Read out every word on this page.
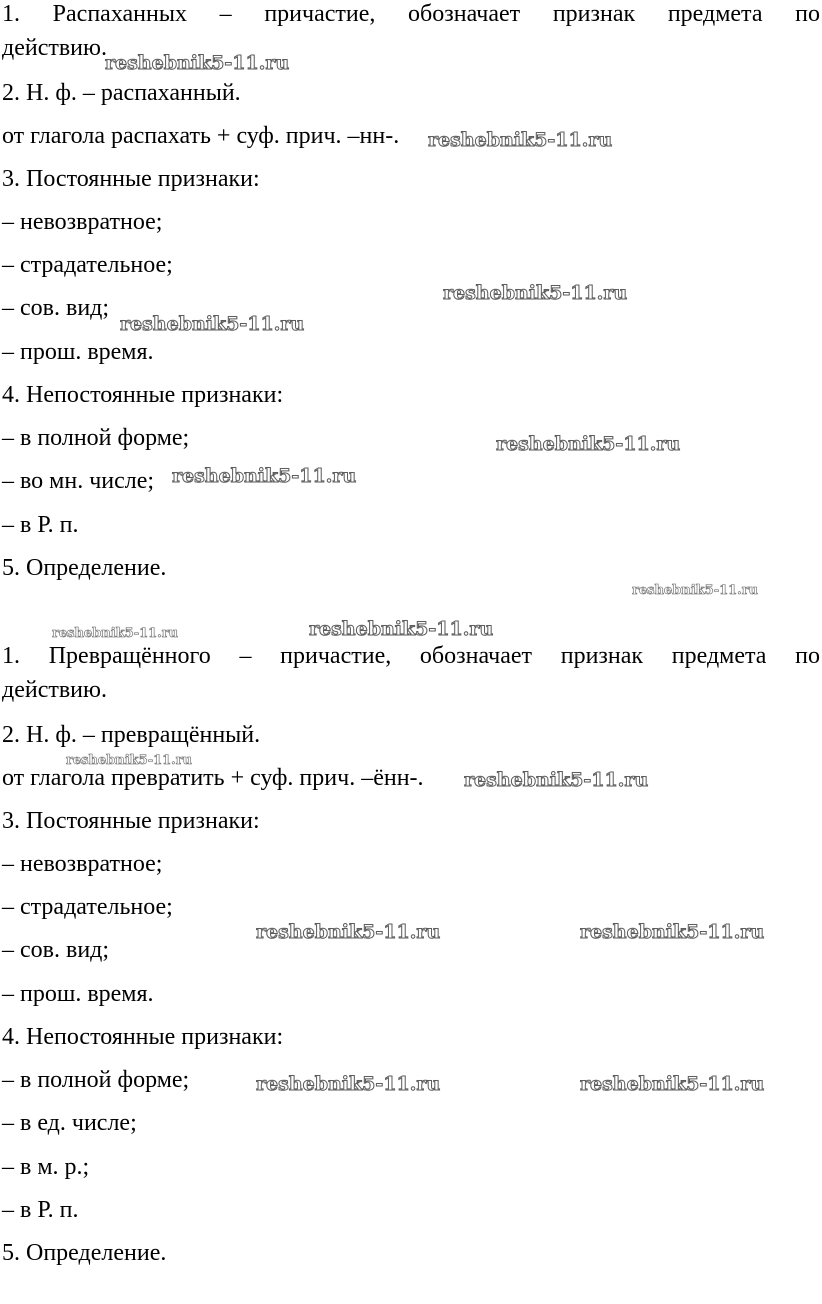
1. Распаханных – причастие, обозначает признак предмета по
действию.
2. Н. ф. – распаханный.
от глагола распахать + суф. прич. –нн-.
3. Постоянные признаки:
– невозвратное;
– страдательное;
– сов. вид;
– прош. время.
4. Непостоянные признаки:
– в полной форме;
– во мн. числе;
– в Р. п.
5. Определение.
1. Превращённого – причастие, обозначает признак предмета по
действию.
2. Н. ф. – превращённый.
от глагола превратить + суф. прич. –ённ-.
3. Постоянные признаки:
– невозвратное;
– страдательное;
– сов. вид;
– прош. время.
4. Непостоянные признаки:
– в полной форме;
– в ед. числе;
– в м. р.;
– в Р. п.
5. Определение.
reshebnik5-11.ru
reshebnik5-11.ru
reshebnik5-11.ru
reshebnik5-11.ru
reshebnik5-11.ru
reshebnik5-11.ru
reshebnik5-11.ru
reshebnik5-11.ru	reshebnik5-11.ru
reshebnik5-11.ru
reshebnik5-11.ru
reshebnik5-11.ru	reshebnik5-11.ru
reshebnik5-11.ru	reshebnik5-11.ru
